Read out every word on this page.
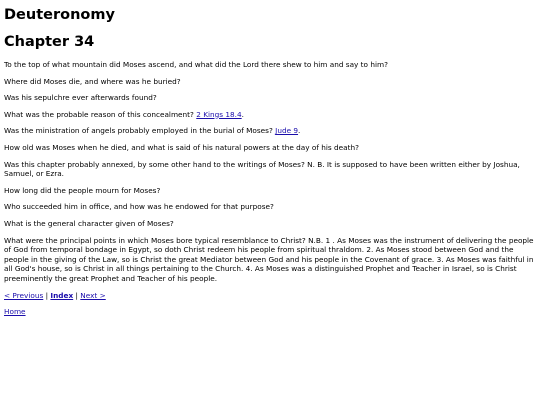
Deuteronomy
Chapter 34

To the top of what mountain did Moses ascend, and what did the Lord there shew to him and say to him?

Where did Moses die, and where was he buried?

Was his sepulchre ever afterwards found?

What was the probable reason of this concealment? 2 Kings 18.4.

Was the ministration of angels probably employed in the burial of Moses? Jude 9.

How old was Moses when he died, and what is said of his natural powers at the day of his death?

Was this chapter probably annexed, by some other hand to the writings of Moses? N. B. It is supposed to have been written either by Joshua, Samuel, or Ezra.

How long did the people mourn for Moses?

Who succeeded him in office, and how was he endowed for that purpose?

What is the general character given of Moses?

What were the principal points in which Moses bore typical resemblance to Christ? N.B. 1 . As Moses was the instrument of delivering the people of God from temporal bondage in Egypt, so doth Christ redeem his people from spiritual thraldom. 2. As Moses stood between God and the people in the giving of the Law, so is Christ the great Mediator between God and his people in the Covenant of grace. 3. As Moses was faithful in all God's house, so is Christ in all things pertaining to the Church. 4. As Moses was a distinguished Prophet and Teacher in Israel, so is Christ preeminently the great Prophet and Teacher of his people.

< Previous | Index | Next >

Home
